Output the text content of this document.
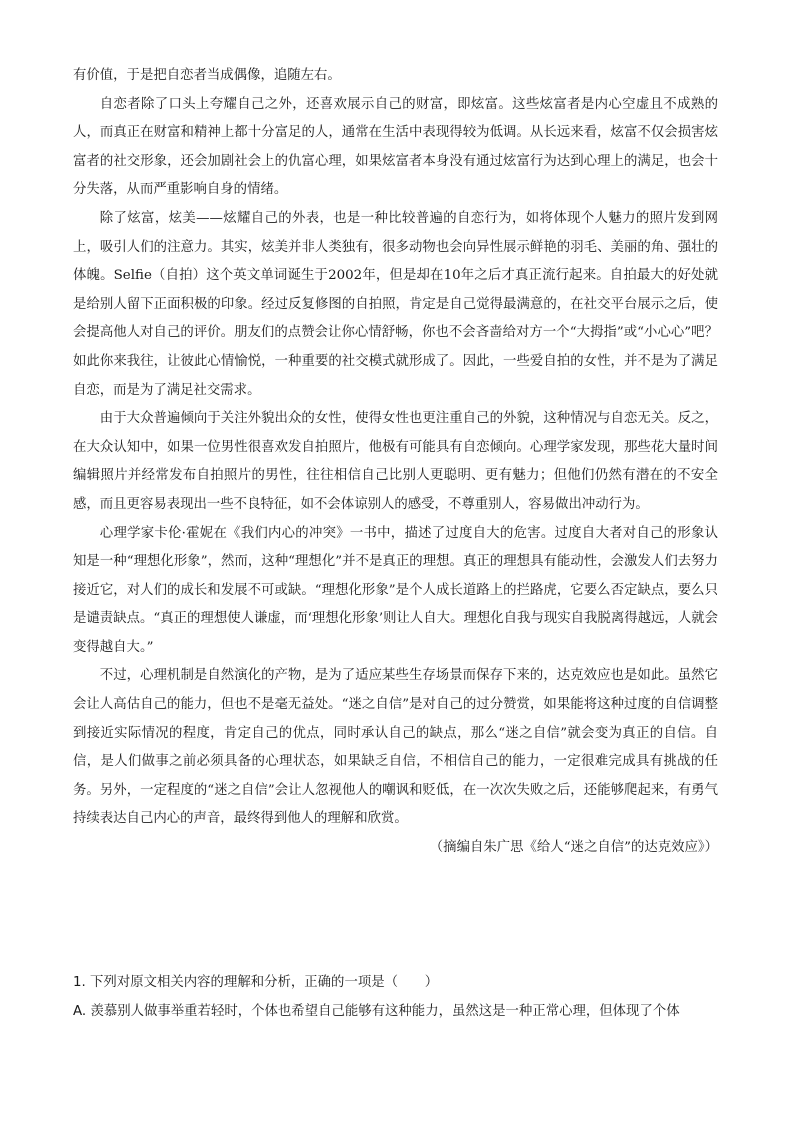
有价值，于是把自恋者当成偶像，追随左右。

自恋者除了口头上夸耀自己之外，还喜欢展示自己的财富，即炫富。这些炫富者是内心空虚且不成熟的人，而真正在财富和精神上都十分富足的人，通常在生活中表现得较为低调。从长远来看，炫富不仅会损害炫富者的社交形象，还会加剧社会上的仇富心理，如果炫富者本身没有通过炫富行为达到心理上的满足，也会十分失落，从而严重影响自身的情绪。

除了炫富，炫美——炫耀自己的外表，也是一种比较普遍的自恋行为，如将体现个人魅力的照片发到网上，吸引人们的注意力。其实，炫美并非人类独有，很多动物也会向异性展示鲜艳的羽毛、美丽的角、强壮的体魄。Selfie（自拍）这个英文单词诞生于2002年，但是却在10年之后才真正流行起来。自拍最大的好处就是给别人留下正面积极的印象。经过反复修图的自拍照，肯定是自己觉得最满意的，在社交平台展示之后，使会提高他人对自己的评价。朋友们的点赞会让你心情舒畅，你也不会吝啬给对方一个“大拇指”或“小心心”吧？如此你来我往，让彼此心情愉悦，一种重要的社交模式就形成了。因此，一些爱自拍的女性，并不是为了满足自恋，而是为了满足社交需求。

由于大众普遍倾向于关注外貌出众的女性，使得女性也更注重自己的外貌，这种情况与自恋无关。反之，在大众认知中，如果一位男性很喜欢发自拍照片，他极有可能具有自恋倾向。心理学家发现，那些花大量时间编辑照片并经常发布自拍照片的男性，往往相信自己比别人更聪明、更有魅力；但他们仍然有潜在的不安全感，而且更容易表现出一些不良特征，如不会体谅别人的感受，不尊重别人，容易做出冲动行为。

心理学家卡伦·霍妮在《我们内心的冲突》一书中，描述了过度自大的危害。过度自大者对自己的形象认知是一种“理想化形象”，然而，这种“理想化”并不是真正的理想。真正的理想具有能动性，会激发人们去努力接近它，对人们的成长和发展不可或缺。“理想化形象”是个人成长道路上的拦路虎，它要么否定缺点，要么只是谴责缺点。“真正的理想使人谦虚，而‘理想化形象’则让人自大。理想化自我与现实自我脱离得越远，人就会变得越自大。”

不过，心理机制是自然演化的产物，是为了适应某些生存场景而保存下来的，达克效应也是如此。虽然它会让人高估自己的能力，但也不是毫无益处。“迷之自信”是对自己的过分赞赏，如果能将这种过度的自信调整到接近实际情况的程度，肯定自己的优点，同时承认自己的缺点，那么“迷之自信”就会变为真正的自信。自信，是人们做事之前必须具备的心理状态，如果缺乏自信，不相信自己的能力，一定很难完成具有挑战的任务。另外，一定程度的“迷之自信”会让人忽视他人的嘲讽和贬低，在一次次失败之后，还能够爬起来，有勇气持续表达自己内心的声音，最终得到他人的理解和欣赏。

（摘编自朱广思《给人“迷之自信”的达克效应》）

1. 下列对原文相关内容的理解和分析，正确的一项是（　　）

A. 羡慕别人做事举重若轻时，个体也希望自己能够有这种能力，虽然这是一种正常心理，但体现了个体
